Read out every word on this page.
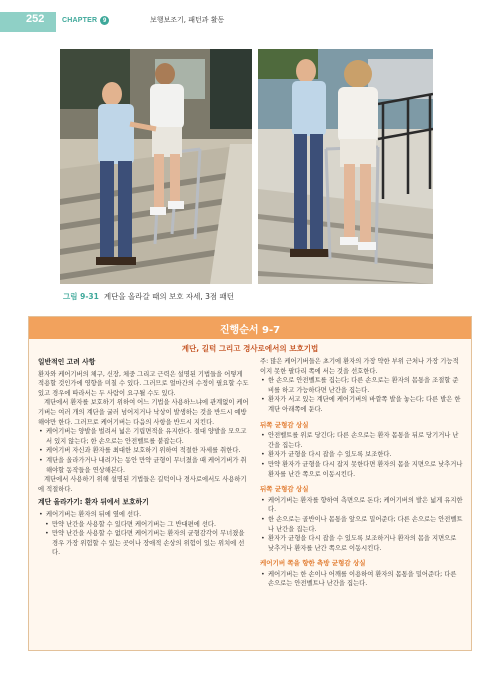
252	CHAPTER 9	보행보조기, 패턴과 활동
그림 9-31 계단을 올라갈 때의 보호 자세, 3점 패턴
진행순서 9-7
계단, 길턱 그리고 경사로에서의 보호기법
일반적인 고려 사항
환자와 케어기버의 체구, 신장, 체중 그리고 근력은 설명된 기법들을 어떻게 적용할 것인가에 영향을 미칠 수 있다. 그러므로 얼마간의 수정이 필요할 수도 있고 경우에 따라서는 두 사람이 요구될 수도 있다.
계단에서 환자를 보호하기 위하여 어느 기법을 사용하느냐에 관계없이 케어기버는 여러 개의 계단을 굴러 넘어지거나 낙상이 발생하는 것을 반드시 예방해야만 한다. 그러므로 케어기버는 다음의 사항을 반드시 지킨다.
• 케어기버는 양발을 벌려서 넓은 기립면적을 유지한다. 절대 양발을 모으고 서 있지 않는다; 한 손으로는 안전벨트를 붙잡는다.
• 케어기버 자신과 환자를 최대한 보호하기 위하여 적절한 자세를 취한다.
• 계단을 올라가거나 내려가는 동안 만약 균형이 무너졌을 때 케어기버가 취해야할 동작들을 연상해본다.
계단에서 사용하기 위해 설명된 기법들은 길턱이나 경사로에서도 사용하기에 적절하다.
계단 올라가기: 환자 뒤에서 보호하기
• 케어기버는 환자의 뒤에 옆에 선다.
• 만약 난간을 사용할 수 있다면 케어기버는 그 반대편에 선다.
• 만약 난간을 사용할 수 없다면 케어기버는 환자의 균형감각이 무너졌을 경우 가장 위험할 수 있는 곳이나 장애적 손상의 위험이 있는 위치에 선다.
주: 많은 케어기버들은 초기에 환자의 가장 약한 부위 근처나 가장 기능적이지 못한 팔다리 쪽에 서는 것을 선호한다.
• 한 손으로 안전벨트를 집는다; 다른 손으로는 환자의 몸통을 조절할 준비를 하고 가능하다면 난간을 집는다.
• 환자가 서고 있는 계단에 케어기버의 바깥쪽 발을 놓는다; 다른 발은 한계단 아래쪽에 둔다.
뒤쪽 균형감 상실
• 안전벨트를 위로 당긴다; 다른 손으로는 환자 몸통을 뒤로 당기거나 난간을 집는다.
• 환자가 균형을 다시 잡을 수 있도록 보조한다.
• 만약 환자가 균형을 다시 잡지 못한다면 환자의 몸을 지면으로 낮추거나 환자를 난간 쪽으로 이동시킨다.
뒤쪽 균형감 상실
• 케어기버는 환자를 향하여 측면으로 돈다; 케어기버의 발은 넓게 유지한다.
• 한 손으로는 골반이나 몸통을 앞으로 밀어준다; 다른 손으로는 안전벨트나 난간을 집는다.
• 환자가 균형을 다시 잡을 수 있도록 보조하거나 환자의 몸을 지면으로 낮추거나 환자를 난간 쪽으로 이동시킨다.
케어기버 쪽을 향한 측방 균형감 상실
• 케어기버는 한 손이나 어깨를 이용하여 환자의 몸통을 밀어준다; 다른 손으로는 안전벨트나 난간을 집는다.
